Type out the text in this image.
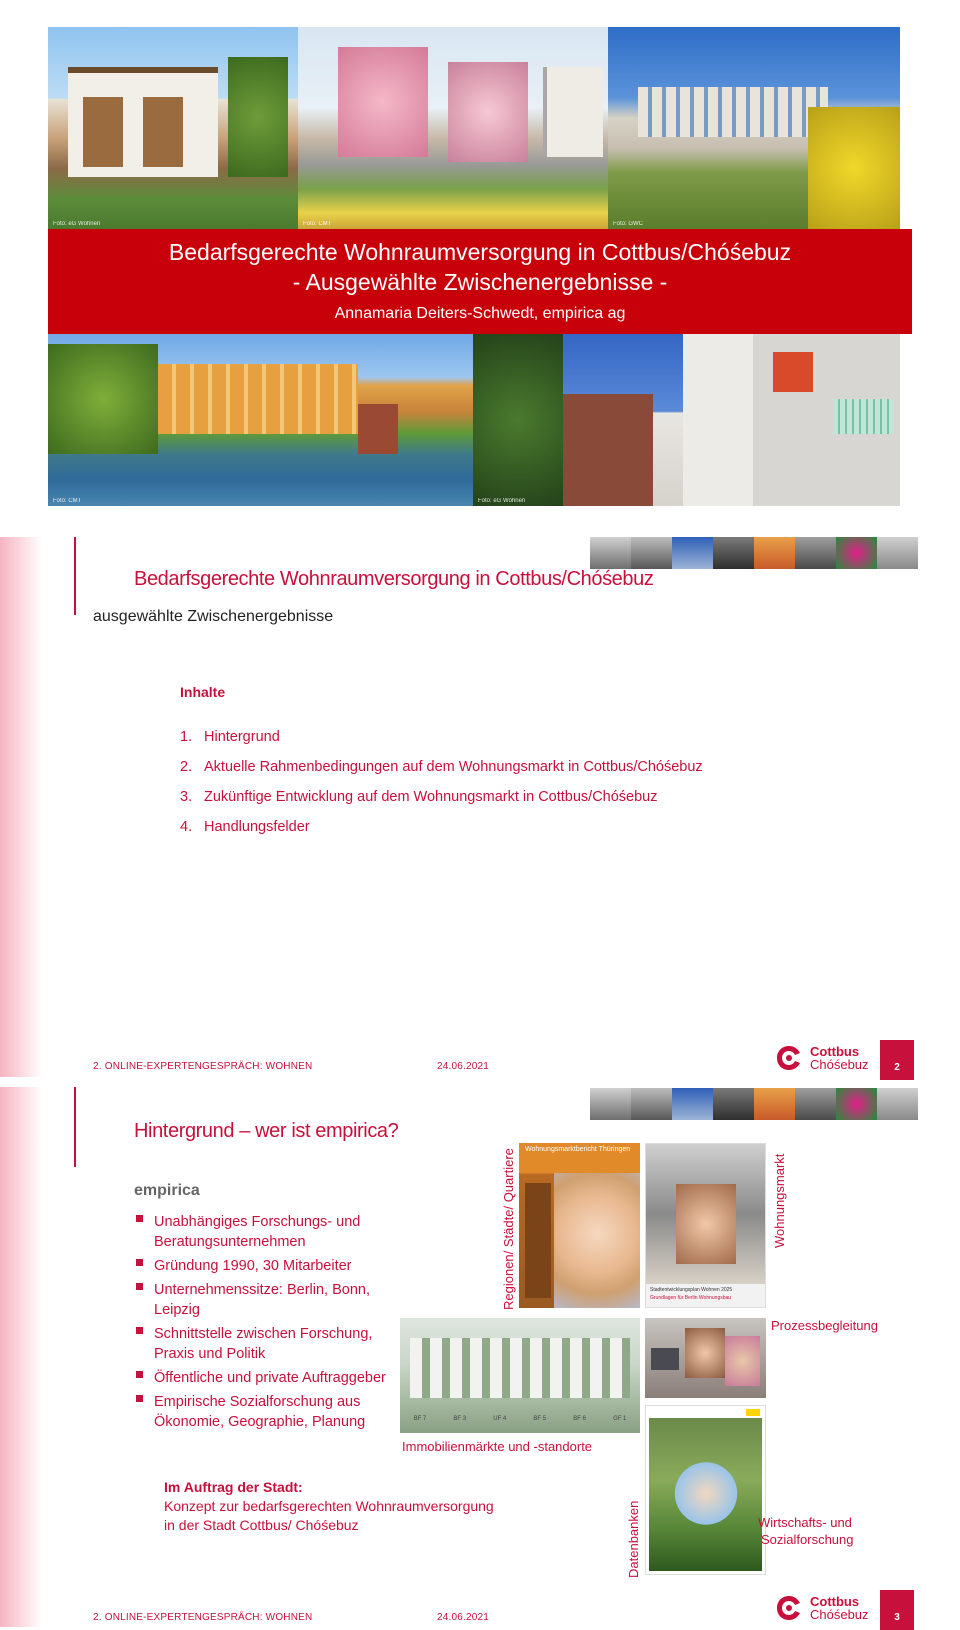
Foto: eG Wohnen	Foto: CMT	Foto: GWC
Bedarfsgerechte Wohnraumversorgung in Cottbus/Chóśebuz
- Ausgewählte Zwischenergebnisse -
Annamaria Deiters-Schwedt, empirica ag
Foto: CMT	Foto: eG Wohnen
Bedarfsgerechte Wohnraumversorgung in Cottbus/Chóśebuz
ausgewählte Zwischenergebnisse
Inhalte
1. Hintergrund
2. Aktuelle Rahmenbedingungen auf dem Wohnungsmarkt in Cottbus/Chóśebuz
3. Zukünftige Entwicklung auf dem Wohnungsmarkt in Cottbus/Chóśebuz
4. Handlungsfelder
2. ONLINE-EXPERTENGESPRÄCH: WOHNEN	24.06.2021
Cottbus
Chóśebuz	2
Hintergrund – wer ist empirica?
empirica
Unabhängiges Forschungs- und Beratungsunternehmen
Gründung 1990, 30 Mitarbeiter
Unternehmenssitze: Berlin, Bonn, Leipzig
Schnittstelle zwischen Forschung, Praxis und Politik
Öffentliche und private Auftraggeber
Empirische Sozialforschung aus Ökonomie, Geographie, Planung
Im Auftrag der Stadt:
Konzept zur bedarfsgerechten Wohnraumversorgung
in der Stadt Cottbus/ Chóśebuz
Wohnungsmarktbericht Thüringen
Stadtentwicklungsplan Wohnen 2025
Grundlagen für Berlin Wohnungsbau
Regionen/ Städte/ Quartiere	Wohnungsmarkt
BF 7	BF 3	UF 4	BF 5	BF 6	GF 1
Prozessbegleitung
Immobilienmärkte und -standorte
Datenbanken	Wirtschafts- und
Sozialforschung
2. ONLINE-EXPERTENGESPRÄCH: WOHNEN	24.06.2021
Cottbus
Chóśebuz	3
